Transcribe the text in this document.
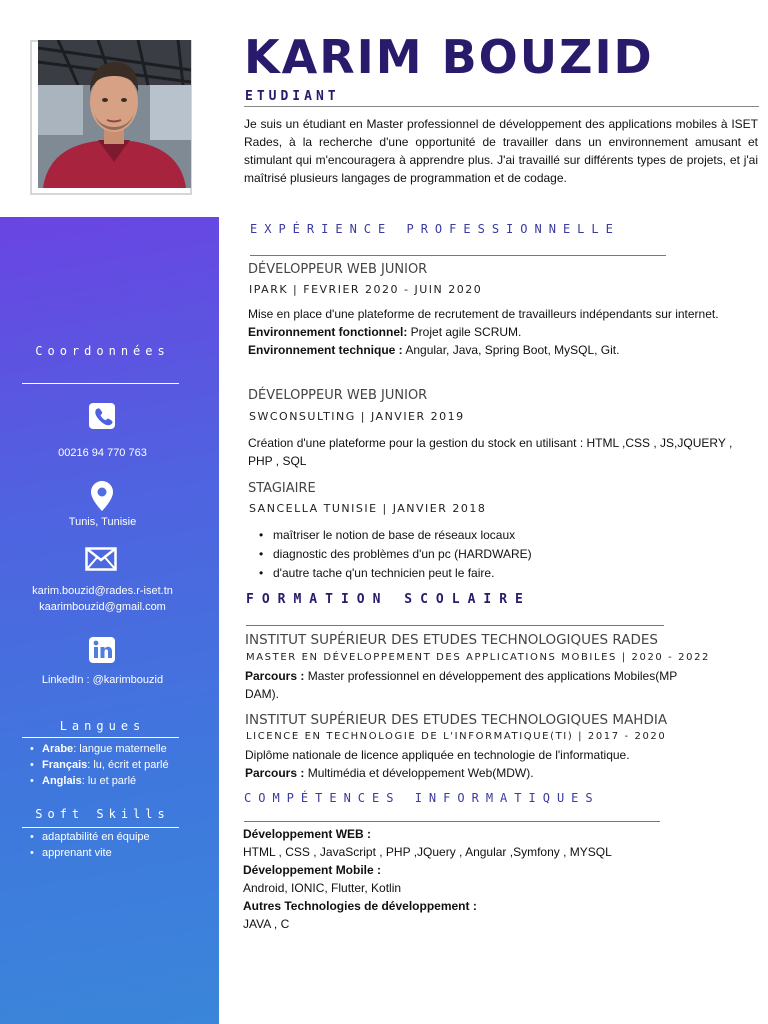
Coordonnées
00216 94 770 763
Tunis, Tunisie
karim.bouzid@rades.r-iset.tn
kaarimbouzid@gmail.com
LinkedIn : @karimbouzid
Langues
• Arabe: langue maternelle
• Français: lu, écrit et parlé
• Anglais: lu et parlé
Soft Skills
• adaptabilité en équipe
• apprenant vite
KARIM BOUZID
ETUDIANT
Je suis un étudiant en Master professionnel de développement des applications mobiles à ISET Rades, à la recherche d'une opportunité de travailler dans un environnement amusant et stimulant qui m'encouragera à apprendre plus. J'ai travaillé sur différents types de projets, et j'ai maîtrisé plusieurs langages de programmation et de codage.
EXPÉRIENCE PROFESSIONNELLE
DÉVELOPPEUR WEB JUNIOR
IPARK | FEVRIER 2020 - JUIN 2020
Mise en place d'une plateforme de recrutement de travailleurs indépendants sur internet.
Environnement fonctionnel: Projet agile SCRUM.
Environnement technique : Angular, Java, Spring Boot, MySQL, Git.
DÉVELOPPEUR WEB JUNIOR
SWCONSULTING | JANVIER 2019
Création d'une plateforme pour la gestion du stock en utilisant : HTML ,CSS , JS,JQUERY , PHP , SQL
STAGIAIRE
SANCELLA TUNISIE | JANVIER 2018
• maîtriser le notion de base de réseaux locaux
• diagnostic des problèmes d'un pc (HARDWARE)
• d'autre tache q'un technicien peut le faire.
FORMATION SCOLAIRE
INSTITUT SUPÉRIEUR DES ETUDES TECHNOLOGIQUES RADES
MASTER EN DÉVELOPPEMENT DES APPLICATIONS MOBILES | 2020 - 2022
Parcours : Master professionnel en développement des applications Mobiles(MP DAM).
INSTITUT SUPÉRIEUR DES ETUDES TECHNOLOGIQUES MAHDIA
LICENCE EN TECHNOLOGIE DE L'INFORMATIQUE(TI) | 2017 - 2020
Diplôme nationale de licence appliquée en technologie de l'informatique.
Parcours : Multimédia et développement Web(MDW).
COMPÉTENCES INFORMATIQUES
Développement WEB :
HTML , CSS , JavaScript , PHP ,JQuery , Angular ,Symfony , MYSQL
Développement Mobile :
Android, IONIC, Flutter, Kotlin
Autres Technologies de développement :
JAVA , C
